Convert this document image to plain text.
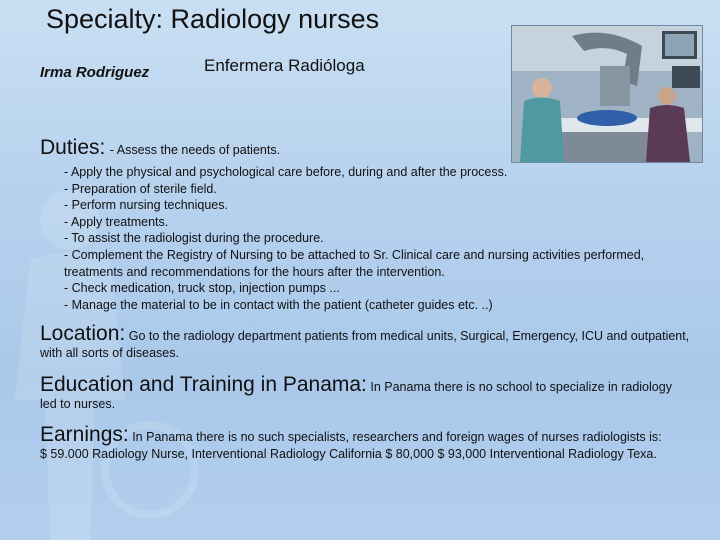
Specialty: Radiology nurses
Irma Rodriguez	Enfermera Radióloga
Duties: - Assess the needs of patients.
- Apply the physical and psychological care before, during and after the process.
- Preparation of sterile field.
- Perform nursing techniques.
- Apply treatments.
- To assist the radiologist during the procedure.
- Complement the Registry of Nursing to be attached to Sr. Clinical care and nursing activities performed, treatments and recommendations for the hours after the intervention.
- Check medication, truck stop, injection pumps ...
- Manage the material to be in contact with the patient (catheter guides etc. ..)
Location: Go to the radiology department patients from medical units, Surgical, Emergency, ICU and outpatient, with all sorts of diseases.
Education and Training in Panama: In Panama there is no school to specialize in radiology led to nurses.
Earnings: In Panama there is no such specialists, researchers and foreign wages of nurses radiologists is:
$ 59.000 Radiology Nurse, Interventional Radiology California $ 80,000 $ 93,000 Interventional Radiology Texa.
